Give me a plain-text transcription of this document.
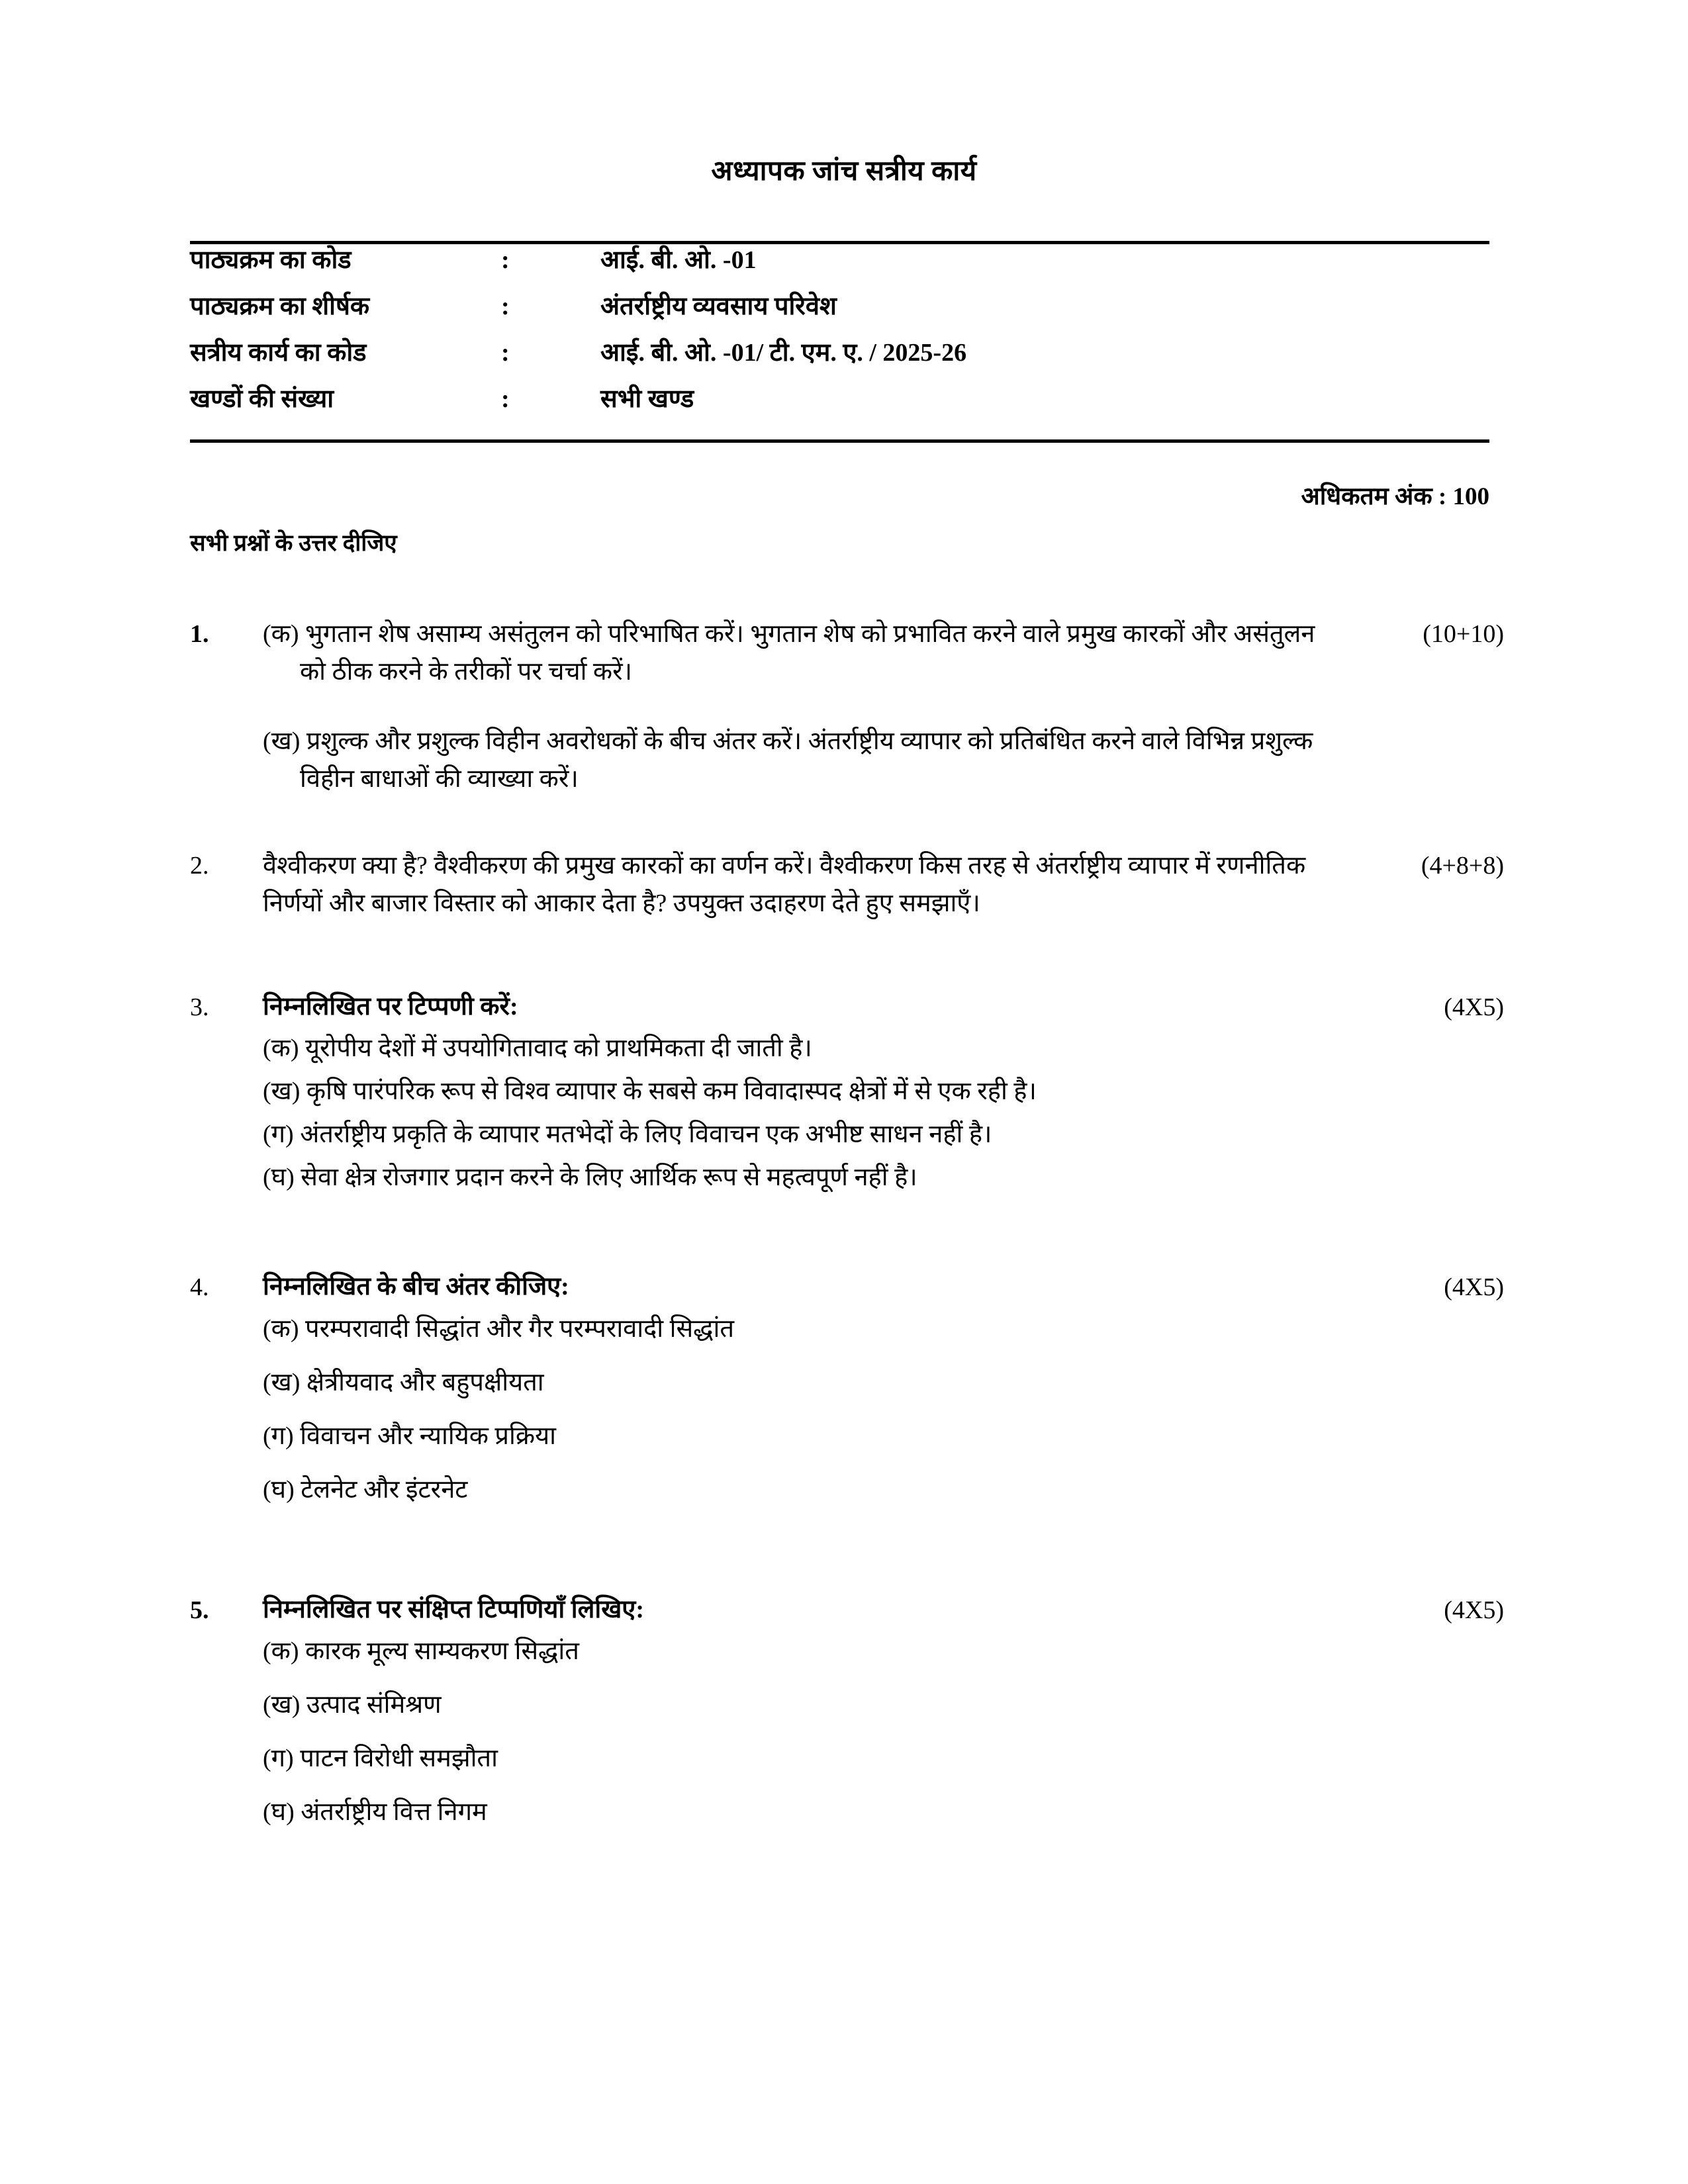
अध्यापक जांच सत्रीय कार्य
पाठ्यक्रम का कोड	:	आई. बी. ओ. -01
पाठ्यक्रम का शीर्षक	:	अंतर्राष्ट्रीय व्यवसाय परिवेश
सत्रीय कार्य का कोड	:	आई. बी. ओ. -01/ टी. एम. ए. / 2025-26
खण्डों की संख्या	:	सभी खण्ड
अधिकतम अंक : 100
सभी प्रश्नों के उत्तर दीजिए
1.	(क) भुगतान शेष असाम्य असंतुलन को परिभाषित करें। भुगतान शेष को प्रभावित करने वाले प्रमुख कारकों और असंतुलन को ठीक करने के तरीकों पर चर्चा करें।

(ख) प्रशुल्क और प्रशुल्क विहीन अवरोधकों के बीच अंतर करें। अंतर्राष्ट्रीय व्यापार को प्रतिबंधित करने वाले विभिन्न प्रशुल्क विहीन बाधाओं की व्याख्या करें।

(10+10)
2.	वैश्वीकरण क्या है? वैश्वीकरण की प्रमुख कारकों का वर्णन करें। वैश्वीकरण किस तरह से अंतर्राष्ट्रीय व्यापार में रणनीतिक निर्णयों और बाजार विस्तार को आकार देता है? उपयुक्त उदाहरण देते हुए समझाएँ।

(4+8+8)
3.	निम्नलिखित पर टिप्पणी करें:

(क) यूरोपीय देशों में उपयोगितावाद को प्राथमिकता दी जाती है।
(ख) कृषि पारंपरिक रूप से विश्व व्यापार के सबसे कम विवादास्पद क्षेत्रों में से एक रही है।
(ग) अंतर्राष्ट्रीय प्रकृति के व्यापार मतभेदों के लिए विवाचन एक अभीष्ट साधन नहीं है।
(घ) सेवा क्षेत्र रोजगार प्रदान करने के लिए आर्थिक रूप से महत्वपूर्ण नहीं है।
(4X5)
4.	निम्नलिखित के बीच अंतर कीजिए:

(क) परम्परावादी सिद्धांत और गैर परम्परावादी सिद्धांत
(ख) क्षेत्रीयवाद और बहुपक्षीयता
(ग) विवाचन और न्यायिक प्रक्रिया
(घ) टेलनेट और इंटरनेट
(4X5)
5.	निम्नलिखित पर संक्षिप्त टिप्पणियाँ लिखिए:

(क) कारक मूल्य साम्यकरण सिद्धांत
(ख) उत्पाद संमिश्रण
(ग) पाटन विरोधी समझौता
(घ) अंतर्राष्ट्रीय वित्त निगम
(4X5)
